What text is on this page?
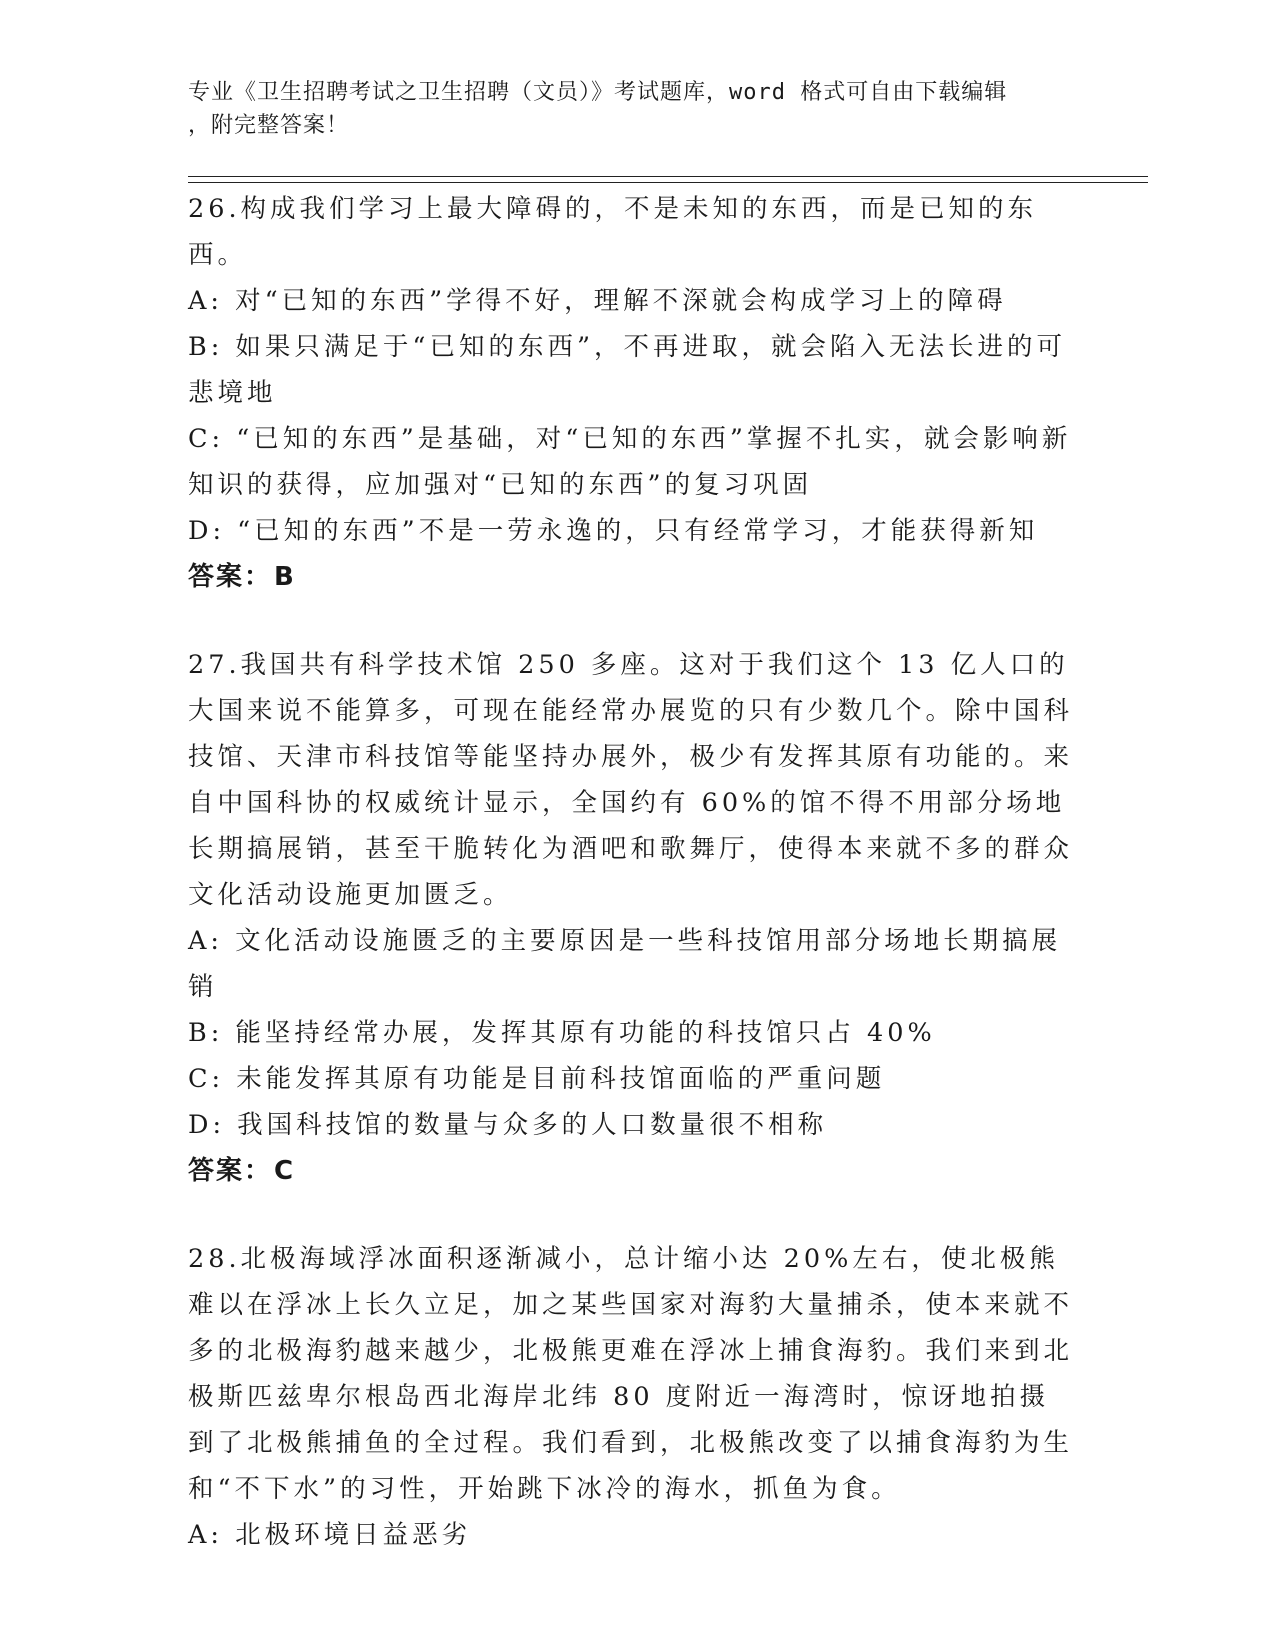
专业《卫生招聘考试之卫生招聘（文员）》考试题库，word 格式可自由下载编辑
，附完整答案！

26.构成我们学习上最大障碍的，不是未知的东西，而是已知的东西。

A: 对“已知的东西”学得不好，理解不深就会构成学习上的障碍

B: 如果只满足于“已知的东西”，不再进取，就会陷入无法长进的可悲境地

C: “已知的东西”是基础，对“已知的东西”掌握不扎实，就会影响新知识的获得，应加强对“已知的东西”的复习巩固

D: “已知的东西”不是一劳永逸的，只有经常学习，才能获得新知

答案：B

27.我国共有科学技术馆 250 多座。这对于我们这个 13 亿人口的大国来说不能算多，可现在能经常办展览的只有少数几个。除中国科技馆、天津市科技馆等能坚持办展外，极少有发挥其原有功能的。来自中国科协的权威统计显示，全国约有 60%的馆不得不用部分场地长期搞展销，甚至干脆转化为酒吧和歌舞厅，使得本来就不多的群众文化活动设施更加匮乏。

A: 文化活动设施匮乏的主要原因是一些科技馆用部分场地长期搞展销

B: 能坚持经常办展，发挥其原有功能的科技馆只占 40%

C: 未能发挥其原有功能是目前科技馆面临的严重问题

D: 我国科技馆的数量与众多的人口数量很不相称

答案：C

28.北极海域浮冰面积逐渐减小，总计缩小达 20%左右，使北极熊难以在浮冰上长久立足，加之某些国家对海豹大量捕杀，使本来就不多的北极海豹越来越少，北极熊更难在浮冰上捕食海豹。我们来到北极斯匹兹卑尔根岛西北海岸北纬 80 度附近一海湾时，惊讶地拍摄到了北极熊捕鱼的全过程。我们看到，北极熊改变了以捕食海豹为生和“不下水”的习性，开始跳下冰冷的海水，抓鱼为食。

A: 北极环境日益恶劣
